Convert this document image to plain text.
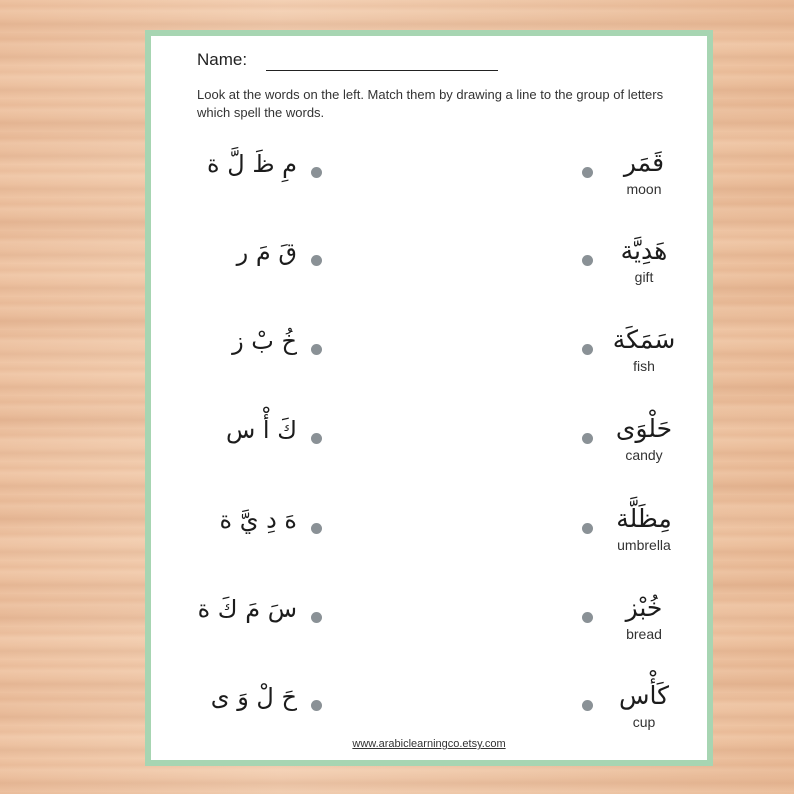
Name:
Look at the words on the left. Match them by drawing a line to the group of letters which spell the words.
مِ ظَ لَّ ة	قَمَر
moon
قَ مَ ر	هَدِيَّة
gift
خُ بْ ز	سَمَكَة
fish
كَ أْ س	حَلْوَى
candy
هَ دِ يَّ ة	مِظَلَّة
umbrella
سَ مَ كَ ة	خُبْز
bread
حَ لْ وَ ى	كَأْس
cup
www.arabiclearningco.etsy.com
